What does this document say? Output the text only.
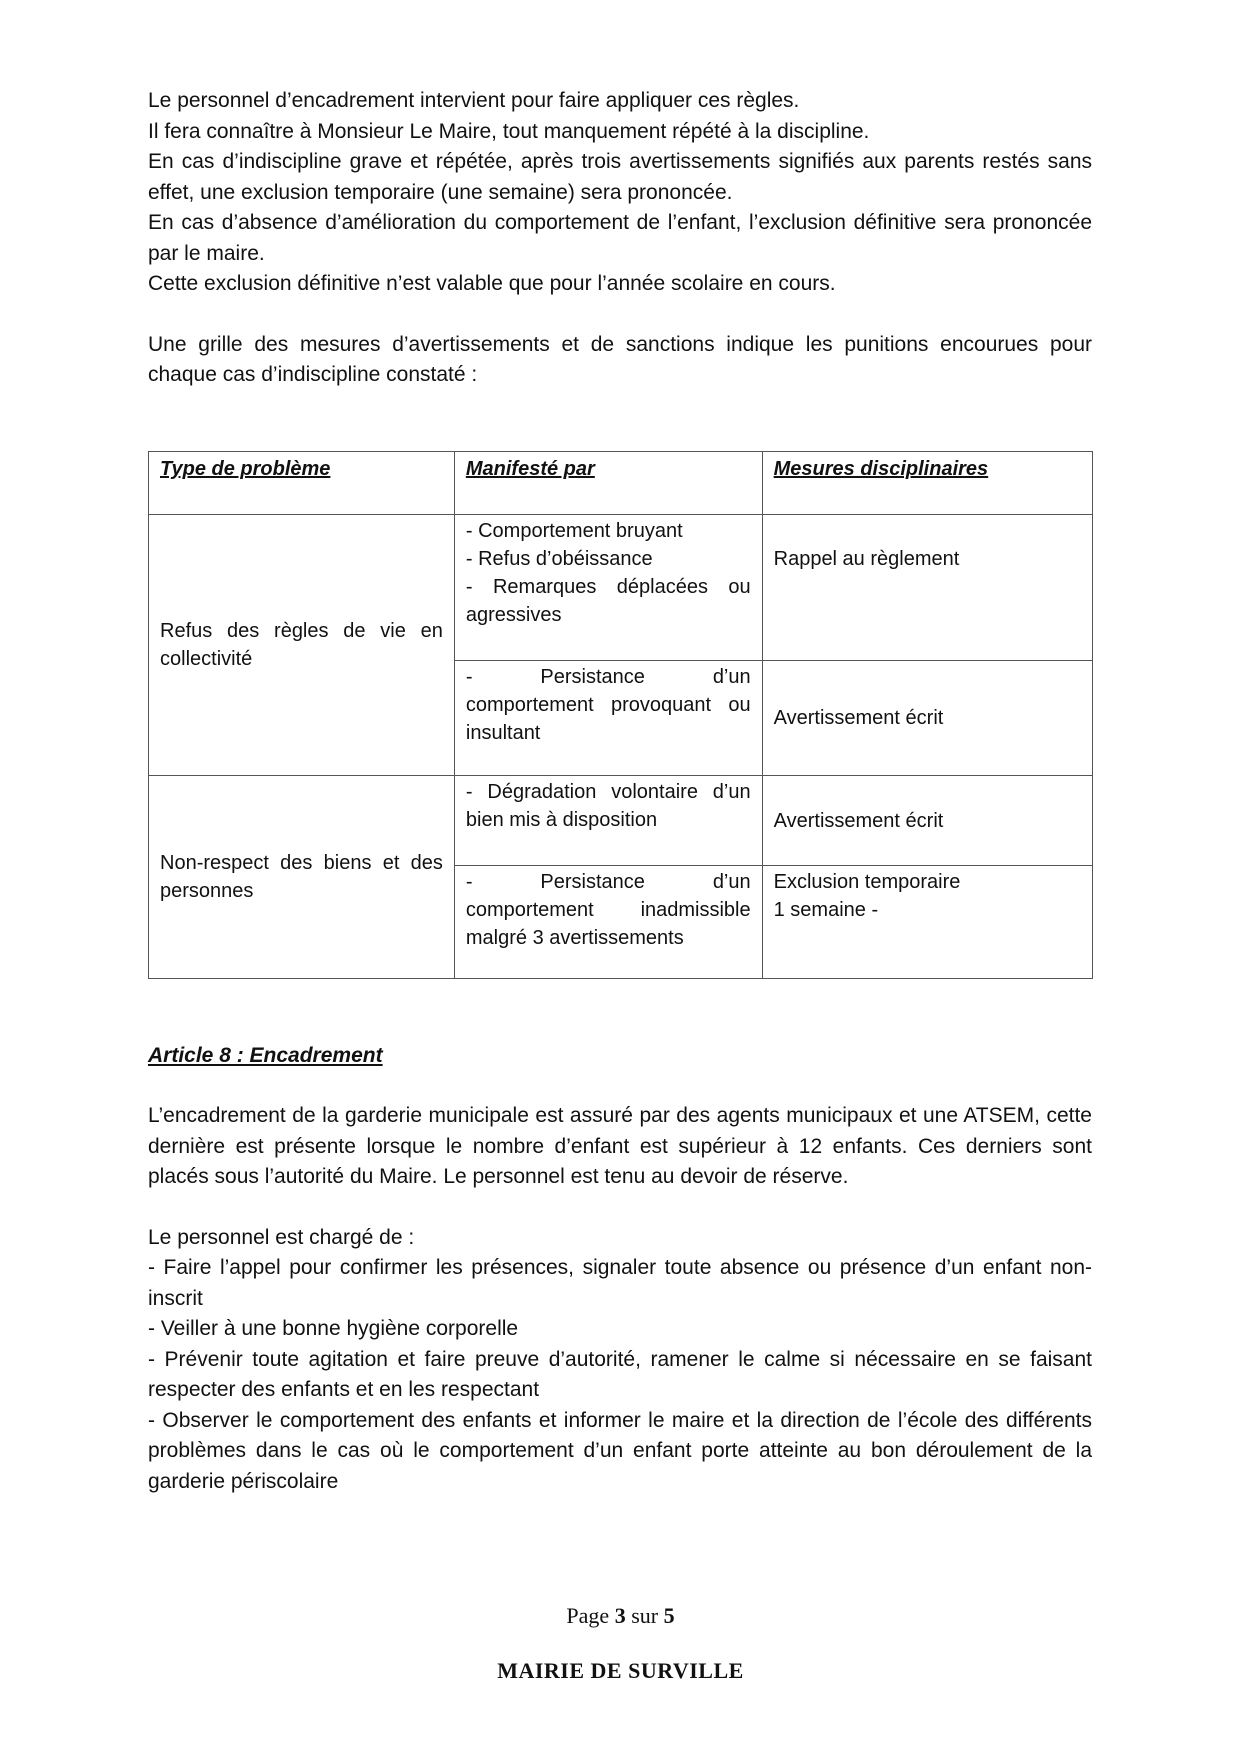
Le personnel d’encadrement intervient pour faire appliquer ces règles.

Il fera connaître à Monsieur Le Maire, tout manquement répété à la discipline.

En cas d’indiscipline grave et répétée, après trois avertissements signifiés aux parents restés sans effet, une exclusion temporaire (une semaine) sera prononcée.

En cas d’absence d’amélioration du comportement de l’enfant, l’exclusion définitive sera prononcée par le maire.

Cette exclusion définitive n’est valable que pour l’année scolaire en cours.

Une grille des mesures d’avertissements et de sanctions indique les punitions encourues pour chaque cas d’indiscipline constaté :

Type de problème	Manifesté par	Mesures disciplinaires

Refus des règles de vie en collectivité	- Comportement bruyant
- Refus d’obéissance
- Remarques déplacées ou agressives	Rappel au règlement

	- Persistance d’un comportement provoquant ou insultant	Avertissement écrit

Non-respect des biens et des personnes	- Dégradation volontaire d’un bien mis à disposition	Avertissement écrit

	- Persistance d’un comportement inadmissible malgré 3 avertissements	Exclusion temporaire
1 semaine -
Article 8 : Encadrement

L’encadrement de la garderie municipale est assuré par des agents municipaux et une ATSEM, cette dernière est présente lorsque le nombre d’enfant est supérieur à 12 enfants. Ces derniers sont placés sous l’autorité du Maire. Le personnel est tenu au devoir de réserve.

Le personnel est chargé de :

- Faire l’appel pour confirmer les présences, signaler toute absence ou présence d’un enfant non-inscrit

- Veiller à une bonne hygiène corporelle

- Prévenir toute agitation et faire preuve d’autorité, ramener le calme si nécessaire en se faisant respecter des enfants et en les respectant

- Observer le comportement des enfants et informer le maire et la direction de l’école des différents problèmes dans le cas où le comportement d’un enfant porte atteinte au bon déroulement de la garderie périscolaire

Page 3 sur 5
MAIRIE DE SURVILLE
